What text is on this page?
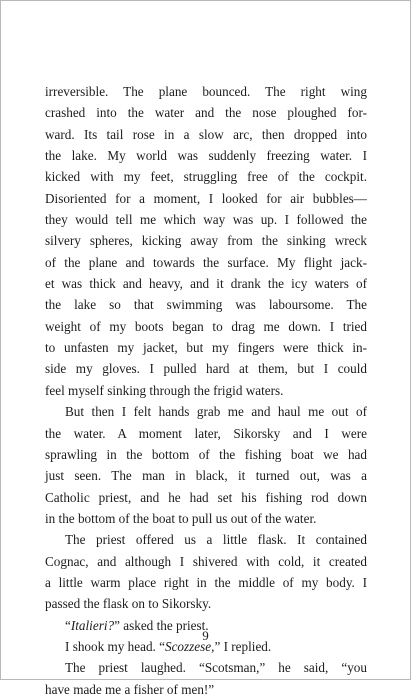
irreversible. The plane bounced. The right wing
crashed into the water and the nose ploughed for-
ward. Its tail rose in a slow arc, then dropped into
the lake. My world was suddenly freezing water. I
kicked with my feet, struggling free of the cockpit.
Disoriented for a moment, I looked for air bubbles—
they would tell me which way was up. I followed the
silvery spheres, kicking away from the sinking wreck
of the plane and towards the surface. My flight jack-
et was thick and heavy, and it drank the icy waters of
the lake so that swimming was laboursome. The
weight of my boots began to drag me down. I tried
to unfasten my jacket, but my fingers were thick in-
side my gloves. I pulled hard at them, but I could
feel myself sinking through the frigid waters.
But then I felt hands grab me and haul me out of
the water. A moment later, Sikorsky and I were
sprawling in the bottom of the fishing boat we had
just seen. The man in black, it turned out, was a
Catholic priest, and he had set his fishing rod down
in the bottom of the boat to pull us out of the water.
The priest offered us a little flask. It contained
Cognac, and although I shivered with cold, it created
a little warm place right in the middle of my body. I
passed the flask on to Sikorsky.
“Italieri?” asked the priest.
I shook my head. “Scozzese,” I replied.
The priest laughed. “Scotsman,” he said, “you
have made me a fisher of men!”
9
